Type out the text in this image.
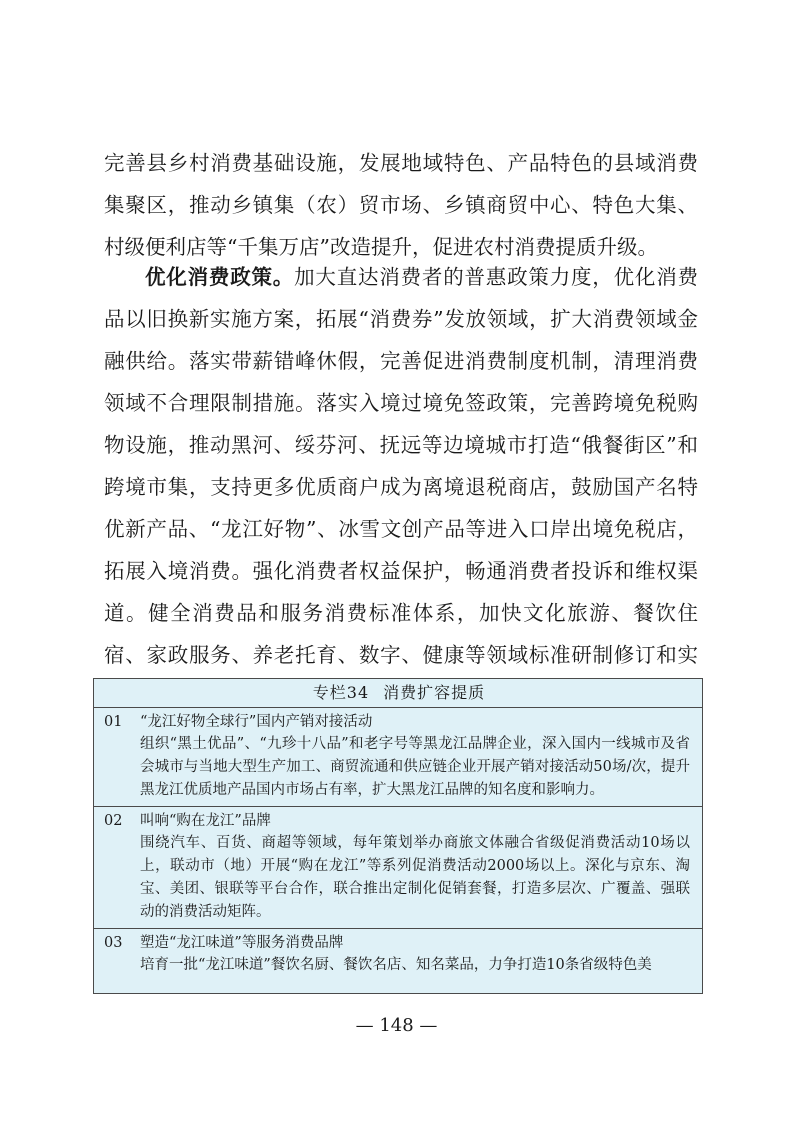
完善县乡村消费基础设施，发展地域特色、产品特色的县域消费集聚区，推动乡镇集（农）贸市场、乡镇商贸中心、特色大集、村级便利店等“千集万店”改造提升，促进农村消费提质升级。

优化消费政策。加大直达消费者的普惠政策力度，优化消费品以旧换新实施方案，拓展“消费券”发放领域，扩大消费领域金融供给。落实带薪错峰休假，完善促进消费制度机制，清理消费领域不合理限制措施。落实入境过境免签政策，完善跨境免税购物设施，推动黑河、绥芬河、抚远等边境城市打造“俄餐街区”和跨境市集，支持更多优质商户成为离境退税商店，鼓励国产名特优新产品、“龙江好物”、冰雪文创产品等进入口岸出境免税店，拓展入境消费。强化消费者权益保护，畅通消费者投诉和维权渠道。健全消费品和服务消费标准体系，加快文化旅游、餐饮住宿、家政服务、养老托育、数字、健康等领域标准研制修订和实

专栏34 消费扩容提质
01	“龙江好物全球行”国内产销对接活动
组织“黑土优品”、“九珍十八品”和老字号等黑龙江品牌企业，深入国内一线城市及省会城市与当地大型生产加工、商贸流通和供应链企业开展产销对接活动50场/次，提升黑龙江优质地产品国内市场占有率，扩大黑龙江品牌的知名度和影响力。
02	叫响“购在龙江”品牌
围绕汽车、百货、商超等领域，每年策划举办商旅文体融合省级促消费活动10场以上，联动市（地）开展“购在龙江”等系列促消费活动2000场以上。深化与京东、淘宝、美团、银联等平台合作，联合推出定制化促销套餐，打造多层次、广覆盖、强联动的消费活动矩阵。
03	塑造“龙江味道”等服务消费品牌
培育一批“龙江味道”餐饮名厨、餐饮名店、知名菜品，力争打造10条省级特色美
— 148 —
